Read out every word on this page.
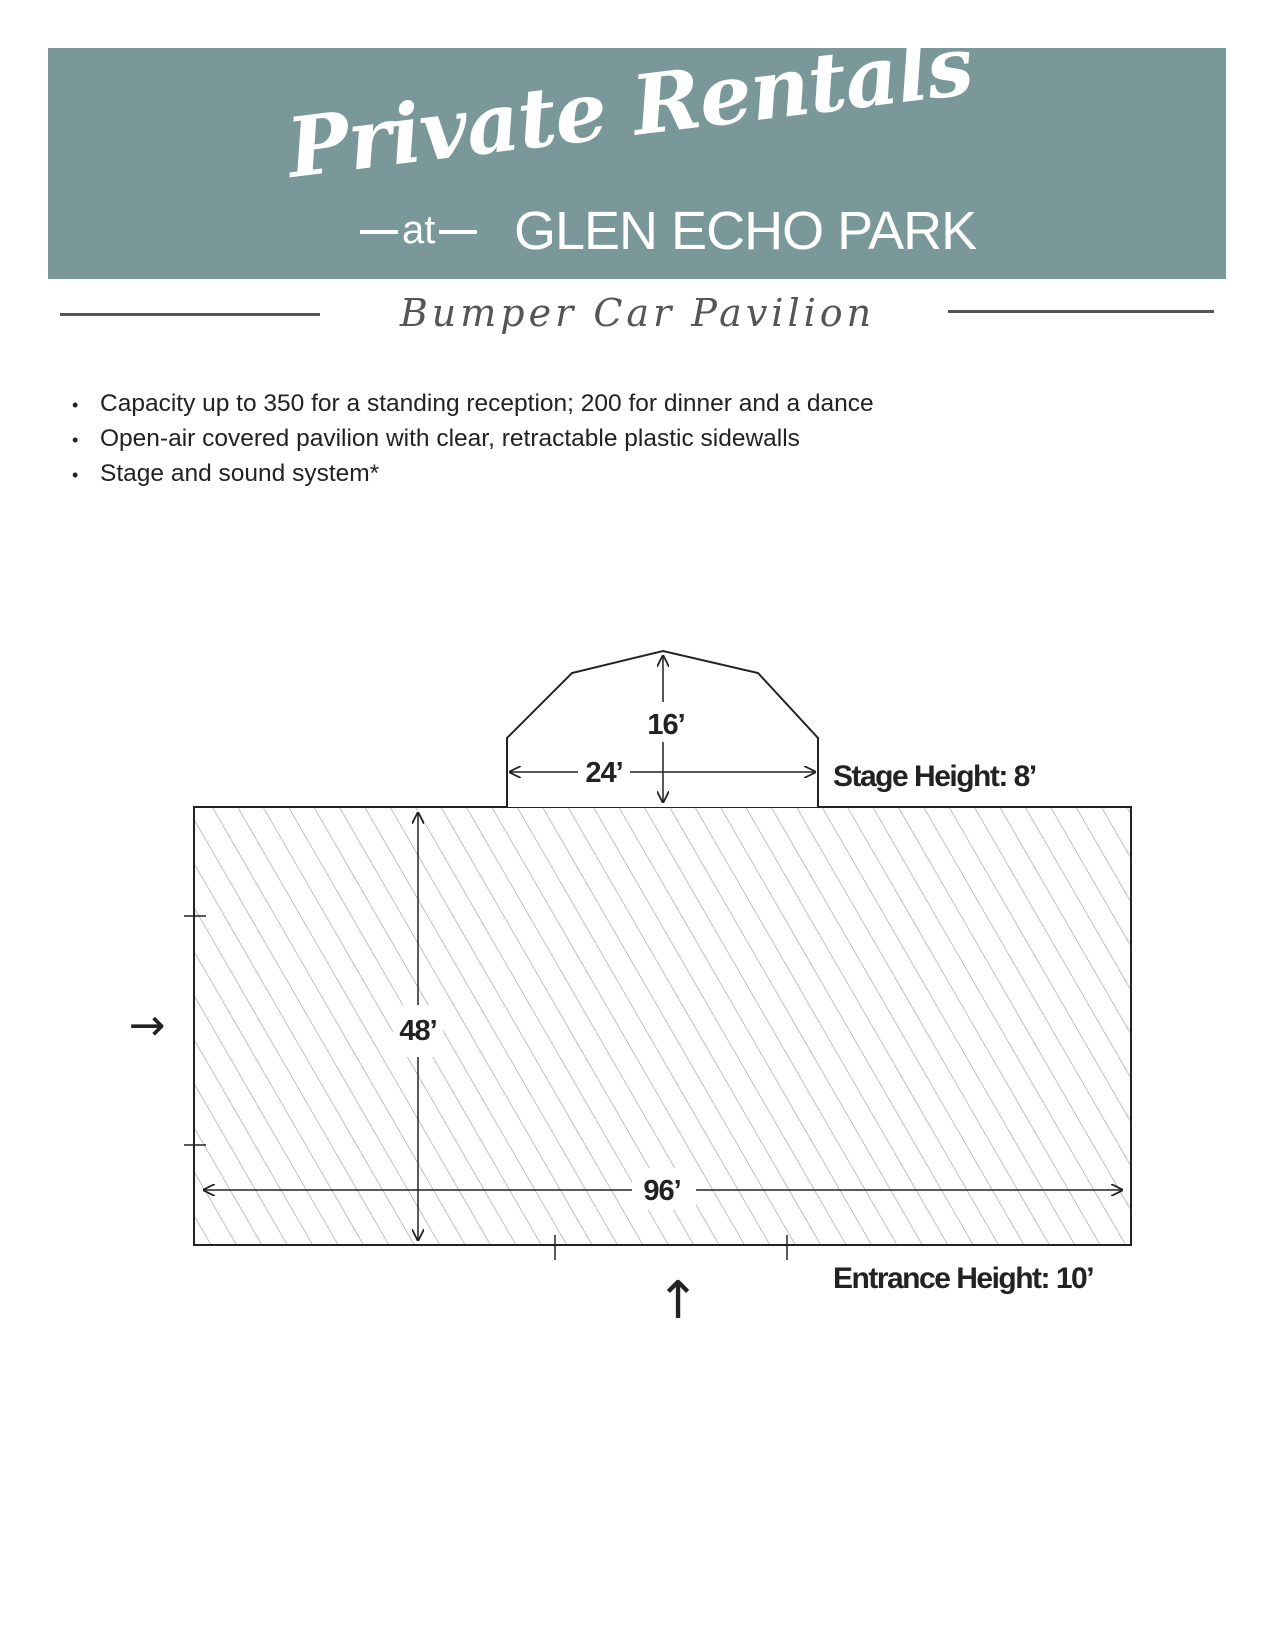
Private Rentals
at	GLEN ECHO PARK
Bumper Car Pavilion
• Capacity up to 350 for a standing reception; 200 for dinner and a dance
• Open-air covered pavilion with clear, retractable plastic sidewalls
• Stage and sound system*
16’
24’	Stage Height: 8’
48’
96’
→
↑	Entrance Height: 10’
